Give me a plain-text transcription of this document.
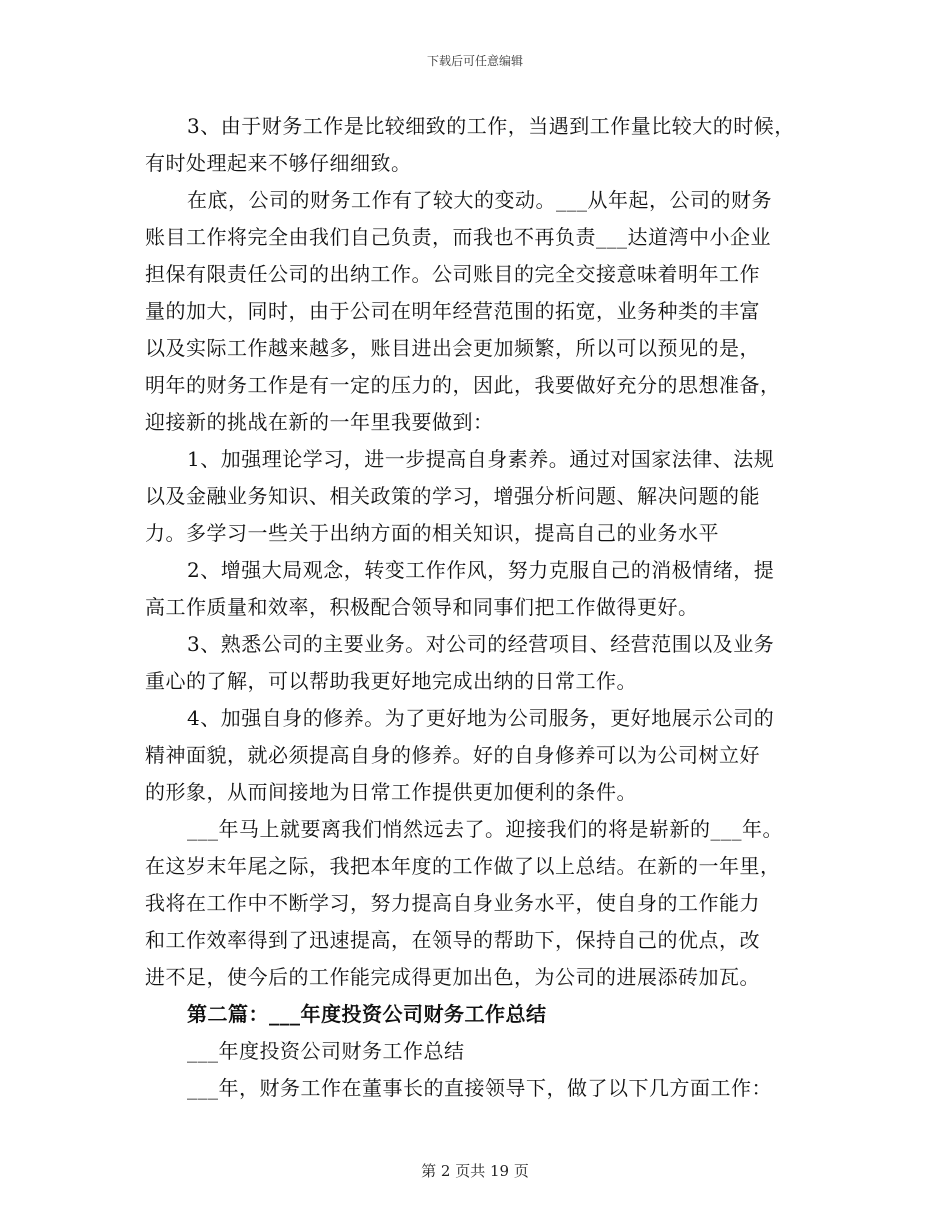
下载后可任意编辑
3、由于财务工作是比较细致的工作，当遇到工作量比较大的时候，
有时处理起来不够仔细细致。
在底，公司的财务工作有了较大的变动。___从年起，公司的财务
账目工作将完全由我们自己负责，而我也不再负责___达道湾中小企业
担保有限责任公司的出纳工作。公司账目的完全交接意味着明年工作
量的加大，同时，由于公司在明年经营范围的拓宽，业务种类的丰富
以及实际工作越来越多，账目进出会更加频繁，所以可以预见的是，
明年的财务工作是有一定的压力的，因此，我要做好充分的思想准备，
迎接新的挑战在新的一年里我要做到：
1、加强理论学习，进一步提高自身素养。通过对国家法律、法规
以及金融业务知识、相关政策的学习，增强分析问题、解决问题的能
力。多学习一些关于出纳方面的相关知识，提高自己的业务水平
2、增强大局观念，转变工作作风，努力克服自己的消极情绪，提
高工作质量和效率，积极配合领导和同事们把工作做得更好。
3、熟悉公司的主要业务。对公司的经营项目、经营范围以及业务
重心的了解，可以帮助我更好地完成出纳的日常工作。
4、加强自身的修养。为了更好地为公司服务，更好地展示公司的
精神面貌，就必须提高自身的修养。好的自身修养可以为公司树立好
的形象，从而间接地为日常工作提供更加便利的条件。
___年马上就要离我们悄然远去了。迎接我们的将是崭新的___年。
在这岁末年尾之际，我把本年度的工作做了以上总结。在新的一年里，
我将在工作中不断学习，努力提高自身业务水平，使自身的工作能力
和工作效率得到了迅速提高，在领导的帮助下，保持自己的优点，改
进不足，使今后的工作能完成得更加出色，为公司的进展添砖加瓦。
第二篇：___年度投资公司财务工作总结
___年度投资公司财务工作总结
___年，财务工作在董事长的直接领导下，做了以下几方面工作：
第 2 页共 19 页
